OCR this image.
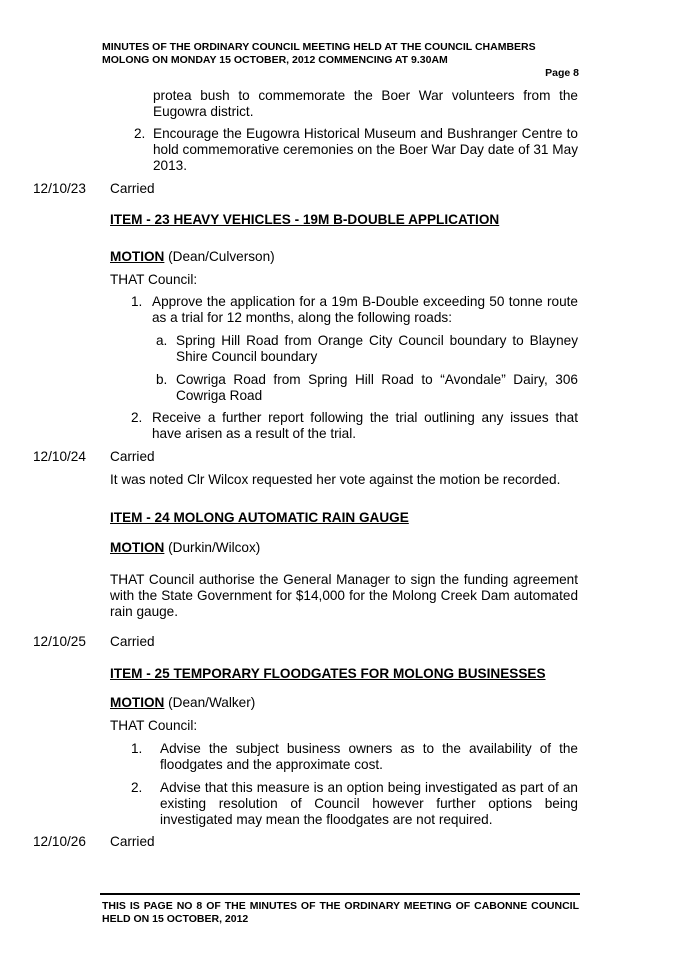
MINUTES OF THE ORDINARY COUNCIL MEETING HELD AT THE COUNCIL CHAMBERS
MOLONG ON MONDAY 15 OCTOBER, 2012 COMMENCING AT 9.30AM
Page 8
protea bush to commemorate the Boer War volunteers from the Eugowra district.
2. Encourage the Eugowra Historical Museum and Bushranger Centre to hold commemorative ceremonies on the Boer War Day date of 31 May 2013.
12/10/23 Carried
ITEM - 23 HEAVY VEHICLES - 19M B-DOUBLE APPLICATION
MOTION (Dean/Culverson)
THAT Council:
1. Approve the application for a 19m B-Double exceeding 50 tonne route as a trial for 12 months, along the following roads:
a. Spring Hill Road from Orange City Council boundary to Blayney Shire Council boundary
b. Cowriga Road from Spring Hill Road to “Avondale” Dairy, 306 Cowriga Road
2. Receive a further report following the trial outlining any issues that have arisen as a result of the trial.
12/10/24 Carried
It was noted Clr Wilcox requested her vote against the motion be recorded.
ITEM - 24 MOLONG AUTOMATIC RAIN GAUGE
MOTION (Durkin/Wilcox)
THAT Council authorise the General Manager to sign the funding agreement with the State Government for $14,000 for the Molong Creek Dam automated rain gauge.
12/10/25 Carried
ITEM - 25 TEMPORARY FLOODGATES FOR MOLONG BUSINESSES
MOTION (Dean/Walker)
THAT Council:
1. Advise the subject business owners as to the availability of the floodgates and the approximate cost.
2. Advise that this measure is an option being investigated as part of an existing resolution of Council however further options being investigated may mean the floodgates are not required.
12/10/26 Carried
THIS IS PAGE NO 8 OF THE MINUTES OF THE ORDINARY MEETING OF CABONNE COUNCIL HELD ON 15 OCTOBER, 2012
